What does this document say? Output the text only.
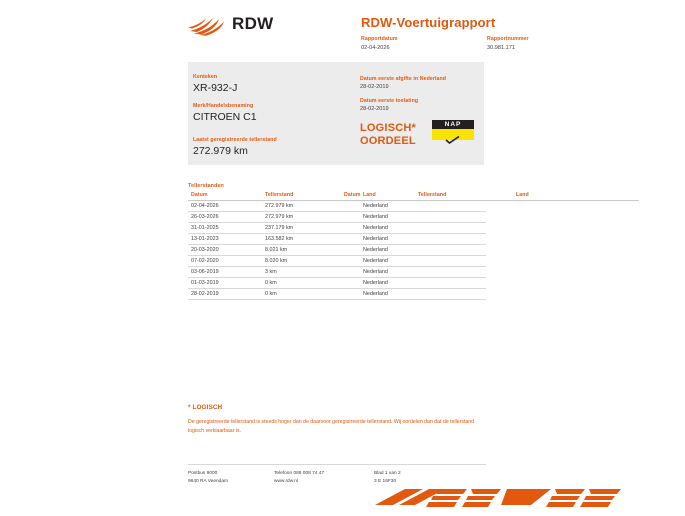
RDW	RDW-Voertuigrapport
Rapportdatum
02-04-2026
Rapportnummer
30.981.171
Kenteken
XR-932-J
Merk/Handelsbenaming
CITROEN C1
Laatst geregistreerde tellerstand
272.979 km
Datum eerste afgifte in Nederland
28-02-2019
Datum eerste toelating
28-02-2019
LOGISCH*
OORDEEL
NAP
Tellerstanden
Datum	Tellerstand	Land
02-04-2026	272.979 km	Nederland
26-03-2026	272.979 km	Nederland
31-01-2025	237.179 km	Nederland
13-01-2023	163.582 km	Nederland
20-03-2020	8.021 km	Nederland
07-02-2020	8.020 km	Nederland
03-06-2019	3 km	Nederland
01-03-2019	0 km	Nederland
28-02-2019	0 km	Nederland
Datum	Tellerstand	Land
* LOGISCH
De geregistreerde tellerstand is steeds hoger dan de daarvoor geregistreerde tellerstand. Wij oordelen dan dat de tellerstand logisch verklaarbaar is.
Postbus 9000
9640 RA Veendam
Telefoon 088 008 74 47
www.rdw.nl
Blad 1 van 2
3 E 16F30
